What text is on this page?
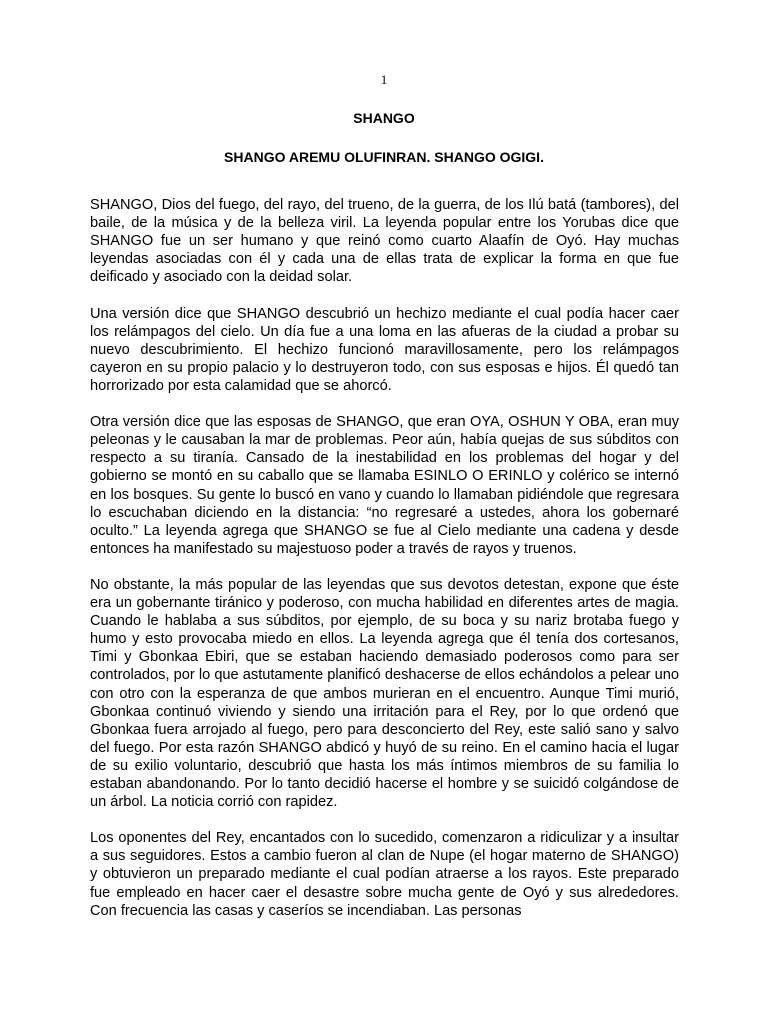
1
SHANGO
SHANGO AREMU OLUFINRAN. SHANGO OGIGI.

SHANGO, Dios del fuego, del rayo, del trueno, de la guerra, de los Ilú batá (tambores), del baile, de la música y de la belleza viril. La leyenda popular entre los Yorubas dice que SHANGO fue un ser humano y que reinó como cuarto Alaafín de Oyó. Hay muchas leyendas asociadas con él y cada una de ellas trata de explicar la forma en que fue deificado y asociado con la deidad solar.

Una versión dice que SHANGO descubrió un hechizo mediante el cual podía hacer caer los relámpagos del cielo. Un día fue a una loma en las afueras de la ciudad a probar su nuevo descubrimiento. El hechizo funcionó maravillosamente, pero los relámpagos cayeron en su propio palacio y lo destruyeron todo, con sus esposas e hijos. Él quedó tan horrorizado por esta calamidad que se ahorcó.

Otra versión dice que las esposas de SHANGO, que eran OYA, OSHUN Y OBA, eran muy peleonas y le causaban la mar de problemas. Peor aún, había quejas de sus súbditos con respecto a su tiranía. Cansado de la inestabilidad en los problemas del hogar y del gobierno se montó en su caballo que se llamaba ESINLO O ERINLO y colérico se internó en los bosques. Su gente lo buscó en vano y cuando lo llamaban pidiéndole que regresara lo escuchaban diciendo en la distancia: “no regresaré a ustedes, ahora los gobernaré oculto.” La leyenda agrega que SHANGO se fue al Cielo mediante una cadena y desde entonces ha manifestado su majestuoso poder a través de rayos y truenos.

No obstante, la más popular de las leyendas que sus devotos detestan, expone que éste era un gobernante tiránico y poderoso, con mucha habilidad en diferentes artes de magia. Cuando le hablaba a sus súbditos, por ejemplo, de su boca y su nariz brotaba fuego y humo y esto provocaba miedo en ellos. La leyenda agrega que él tenía dos cortesanos, Timi y Gbonkaa Ebiri, que se estaban haciendo demasiado poderosos como para ser controlados, por lo que astutamente planificó deshacerse de ellos echándolos a pelear uno con otro con la esperanza de que ambos murieran en el encuentro. Aunque Timi murió, Gbonkaa continuó viviendo y siendo una irritación para el Rey, por lo que ordenó que Gbonkaa fuera arrojado al fuego, pero para desconcierto del Rey, este salió sano y salvo del fuego. Por esta razón SHANGO abdicó y huyó de su reino. En el camino hacia el lugar de su exilio voluntario, descubrió que hasta los más íntimos miembros de su familia lo estaban abandonando. Por lo tanto decidió hacerse el hombre y se suicidó colgándose de un árbol. La noticia corrió con rapidez.

Los oponentes del Rey, encantados con lo sucedido, comenzaron a ridiculizar y a insultar a sus seguidores. Estos a cambio fueron al clan de Nupe (el hogar materno de SHANGO) y obtuvieron un preparado mediante el cual podían atraerse a los rayos. Este preparado fue empleado en hacer caer el desastre sobre mucha gente de Oyó y sus alrededores. Con frecuencia las casas y caseríos se incendiaban. Las personas
